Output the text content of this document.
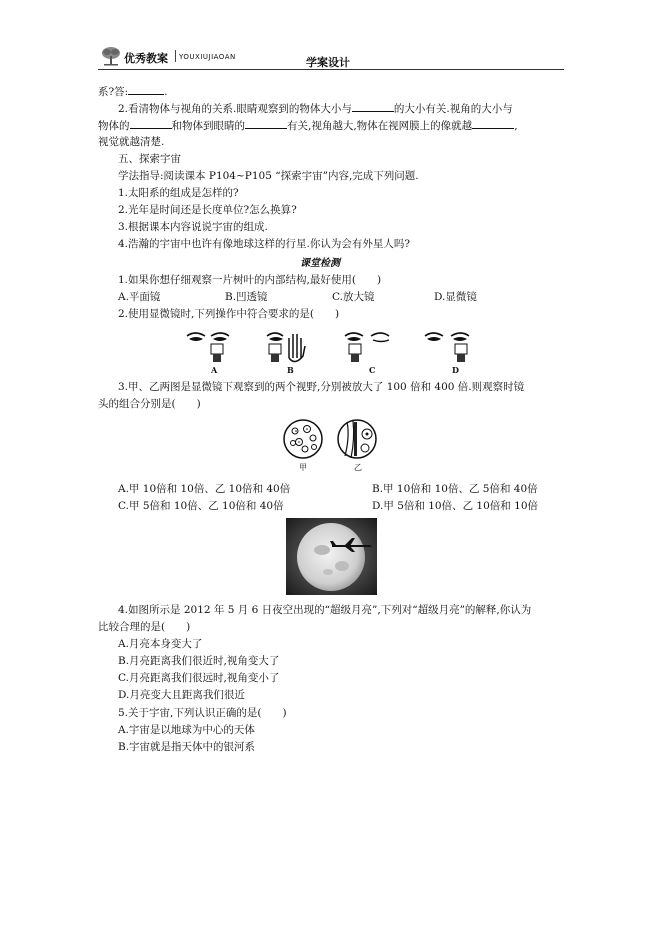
优秀教案 YOUXIUJIAOAN	学案设计
系?答:	.
2.看清物体与视角的关系.眼睛观察到的物体大小与	的大小有关.视角的大小与
物体的	和物体到眼睛的	有关,视角越大,物体在视网膜上的像就越	,
视觉就越清楚.
五、探索宇宙
学法指导:阅读课本 P104~P105 “探索宇宙”内容,完成下列问题.
1.太阳系的组成是怎样的?
2.光年是时间还是长度单位?怎么换算?
3.根据课本内容说说宇宙的组成.
4.浩瀚的宇宙中也许有像地球这样的行星.你认为会有外星人吗?
课堂检测
1.如果你想仔细观察一片树叶的内部结构,最好使用(　　)
A.平面镜	B.凹透镜	C.放大镜	D.显微镜
2.使用显微镜时,下列操作中符合要求的是(　　)
A	B	C	D
3.甲、乙两图是显微镜下观察到的两个视野,分别被放大了 100 倍和 400 倍.则观察时镜
头的组合分别是(　　)
甲	乙
A.甲 10倍和 10倍、乙 10倍和 40倍	B.甲 10倍和 10倍、乙 5倍和 40倍
C.甲 5倍和 10倍、乙 10倍和 40倍	D.甲 5倍和 10倍、乙 10倍和 10倍
4.如图所示是 2012 年 5 月 6 日夜空出现的“超级月亮”,下列对“超级月亮”的解释,你认为
比较合理的是(　　)
A.月亮本身变大了
B.月亮距离我们很近时,视角变大了
C.月亮距离我们很远时,视角变小了
D.月亮变大且距离我们很近
5.关于宇宙,下列认识正确的是(　　)
A.宇宙是以地球为中心的天体
B.宇宙就是指天体中的银河系
